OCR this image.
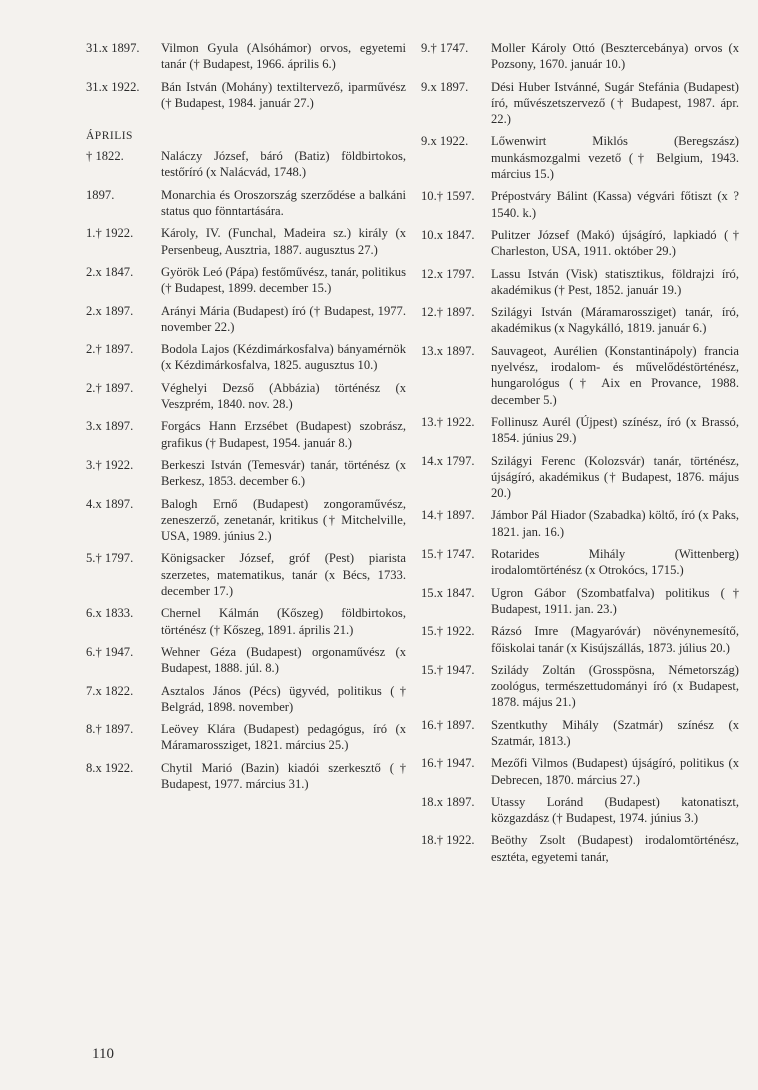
31.x 1897.	Vilmon Gyula (Alsóhámor) orvos, egyetemi tanár († Budapest, 1966. április 6.)
31.x 1922.	Bán István (Mohány) textiltervező, iparművész († Budapest, 1984. január 27.)
ÁPRILIS
† 1822.	Naláczy József, báró (Batiz) földbirtokos, testőríró (x Nalácvád, 1748.)
1897.	Monarchia és Oroszország szerződése a balkáni status quo fönntartására.
1.† 1922.	Károly, IV. (Funchal, Madeira sz.) király (x Persenbeug, Ausztria, 1887. augusztus 27.)
2.x 1847.	Györök Leó (Pápa) festőművész, tanár, politikus († Budapest, 1899. december 15.)
2.x 1897.	Arányi Mária (Budapest) író († Budapest, 1977. november 22.)
2.† 1897.	Bodola Lajos (Kézdimárkosfalva) bányamérnök (x Kézdimárkosfalva, 1825. augusztus 10.)
2.† 1897.	Véghelyi Dezső (Abbázia) történész (x Veszprém, 1840. nov. 28.)
3.x 1897.	Forgács Hann Erzsébet (Budapest) szobrász, grafikus († Budapest, 1954. január 8.)
3.† 1922.	Berkeszi István (Temesvár) tanár, történész (x Berkesz, 1853. december 6.)
4.x 1897.	Balogh Ernő (Budapest) zongoraművész, zeneszerző, zenetanár, kritikus († Mitchelville, USA, 1989. június 2.)
5.† 1797.	Königsacker József, gróf (Pest) piarista szerzetes, matematikus, tanár (x Bécs, 1733. december 17.)
6.x 1833.	Chernel Kálmán (Kőszeg) földbirtokos, történész († Kőszeg, 1891. április 21.)
6.† 1947.	Wehner Géza (Budapest) orgonaművész (x Budapest, 1888. júl. 8.)
7.x 1822.	Asztalos János (Pécs) ügyvéd, politikus († Belgrád, 1898. november)
8.† 1897.	Leövey Klára (Budapest) pedagógus, író (x Máramarossziget, 1821. március 25.)
8.x 1922.	Chytil Marió (Bazin) kiadói szerkesztő († Budapest, 1977. március 31.)
9.† 1747.	Moller Károly Ottó (Besztercebánya) orvos (x Pozsony, 1670. január 10.)
9.x 1897.	Dési Huber Istvánné, Sugár Stefánia (Budapest) író, művészetszervező († Budapest, 1987. ápr. 22.)
9.x 1922.	Lőwenwirt Miklós (Beregszász) munkásmozgalmi vezető († Belgium, 1943. március 15.)
10.† 1597.	Prépostváry Bálint (Kassa) végvári főtiszt (x ? 1540. k.)
10.x 1847.	Pulitzer József (Makó) újságíró, lapkiadó († Charleston, USA, 1911. október 29.)
12.x 1797.	Lassu István (Visk) statisztikus, földrajzi író, akadémikus († Pest, 1852. január 19.)
12.† 1897.	Szilágyi István (Máramarossziget) tanár, író, akadémikus (x Nagykálló, 1819. január 6.)
13.x 1897.	Sauvageot, Aurélien (Konstantinápoly) francia nyelvész, irodalom- és művelődéstörténész, hungarológus († Aix en Provance, 1988. december 5.)
13.† 1922.	Follinusz Aurél (Újpest) színész, író (x Brassó, 1854. június 29.)
14.x 1797.	Szilágyi Ferenc (Kolozsvár) tanár, történész, újságíró, akadémikus († Budapest, 1876. május 20.)
14.† 1897.	Jámbor Pál Hiador (Szabadka) költő, író (x Paks, 1821. jan. 16.)
15.† 1747.	Rotarides Mihály (Wittenberg) irodalomtörténész (x Otrokócs, 1715.)
15.x 1847.	Ugron Gábor (Szombatfalva) politikus († Budapest, 1911. jan. 23.)
15.† 1922.	Rázsó Imre (Magyaróvár) növénynemesítő, főiskolai tanár (x Kisújszállás, 1873. július 20.)
15.† 1947.	Szilády Zoltán (Grosspösna, Németország) zoológus, természettudományi író (x Budapest, 1878. május 21.)
16.† 1897.	Szentkuthy Mihály (Szatmár) színész (x Szatmár, 1813.)
16.† 1947.	Mezőfi Vilmos (Budapest) újságíró, politikus (x Debrecen, 1870. március 27.)
18.x 1897.	Utassy Loránd (Budapest) katonatiszt, közgazdász († Budapest, 1974. június 3.)
18.† 1922.	Beöthy Zsolt (Budapest) irodalomtörténész, esztéta, egyetemi tanár,
110
